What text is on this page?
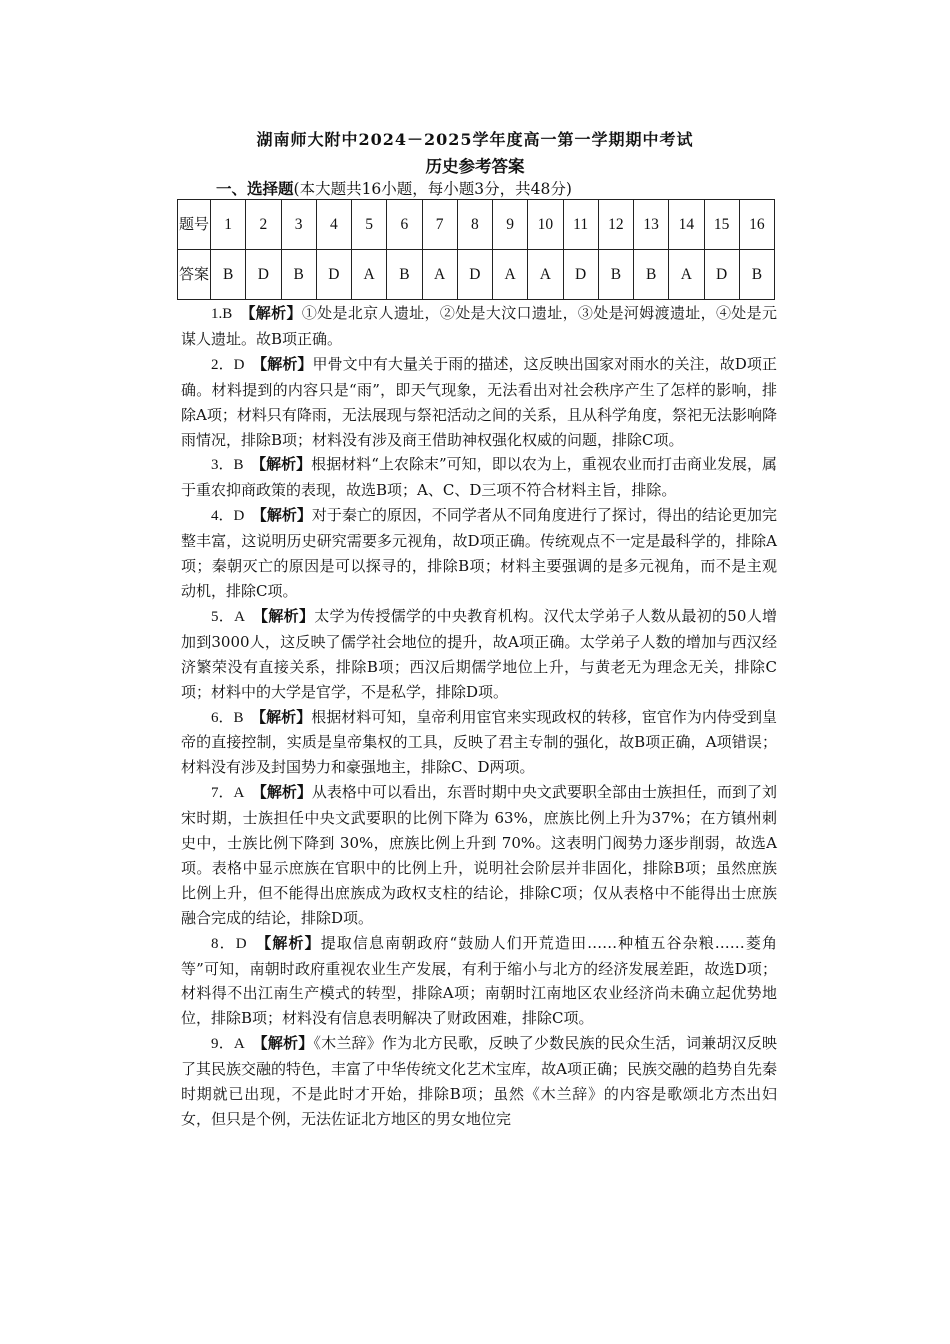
湖南师大附中2024－2025学年度高一第一学期期中考试
历史参考答案
一、选择题(本大题共16小题，每小题3分，共48分)
题号	1	2	3	4	5	6	7	8	9	10	11	12	13	14	15	16
答案	B	D	B	D	A	B	A	D	A	A	D	B	B	A	D	B

1.B　 【解析】①处是北京人遗址，②处是大汶口遗址，③处是河姆渡遗址，④处是元谋人遗址。故B项正确。

2．D　 【解析】甲骨文中有大量关于雨的描述，这反映出国家对雨水的关注，故D项正确。材料提到的内容只是“雨”，即天气现象，无法看出对社会秩序产生了怎样的影响，排除A项；材料只有降雨，无法展现与祭祀活动之间的关系，且从科学角度，祭祀无法影响降雨情况，排除B项；材料没有涉及商王借助神权强化权威的问题，排除C项。

3．B　 【解析】根据材料“上农除末”可知，即以农为上，重视农业而打击商业发展，属于重农抑商政策的表现，故选B项；A、C、D三项不符合材料主旨，排除。

4．D　 【解析】对于秦亡的原因，不同学者从不同角度进行了探讨，得出的结论更加完整丰富，这说明历史研究需要多元视角，故D项正确。传统观点不一定是最科学的，排除A项；秦朝灭亡的原因是可以探寻的，排除B项；材料主要强调的是多元视角，而不是主观动机，排除C项。

5．A　 【解析】太学为传授儒学的中央教育机构。汉代太学弟子人数从最初的50人增加到3000人，这反映了儒学社会地位的提升，故A项正确。太学弟子人数的增加与西汉经济繁荣没有直接关系，排除B项；西汉后期儒学地位上升，与黄老无为理念无关，排除C项；材料中的大学是官学，不是私学，排除D项。

6．B　 【解析】根据材料可知，皇帝利用宦官来实现政权的转移，宦官作为内侍受到皇帝的直接控制，实质是皇帝集权的工具，反映了君主专制的强化，故B项正确，A项错误；材料没有涉及封国势力和豪强地主，排除C、D两项。

7．A　 【解析】从表格中可以看出，东晋时期中央文武要职全部由士族担任，而到了刘宋时期，士族担任中央文武要职的比例下降为 63%，庶族比例上升为37%；在方镇州刺史中，士族比例下降到 30%，庶族比例上升到 70%。这表明门阀势力逐步削弱，故选A项。表格中显示庶族在官职中的比例上升，说明社会阶层并非固化，排除B项；虽然庶族比例上升，但不能得出庶族成为政权支柱的结论，排除C项；仅从表格中不能得出士庶族融合完成的结论，排除D项。

8．D　 【解析】提取信息南朝政府“鼓励人们开荒造田……种植五谷杂粮……菱角等”可知，南朝时政府重视农业生产发展，有利于缩小与北方的经济发展差距，故选D项；材料得不出江南生产模式的转型，排除A项；南朝时江南地区农业经济尚未确立起优势地位，排除B项；材料没有信息表明解决了财政困难，排除C项。

9．A　 【解析】《木兰辞》作为北方民歌，反映了少数民族的民众生活，词兼胡汉反映了其民族交融的特色，丰富了中华传统文化艺术宝库，故A项正确；民族交融的趋势自先秦时期就已出现，不是此时才开始，排除B项；虽然《木兰辞》的内容是歌颂北方杰出妇女，但只是个例，无法佐证北方地区的男女地位完
